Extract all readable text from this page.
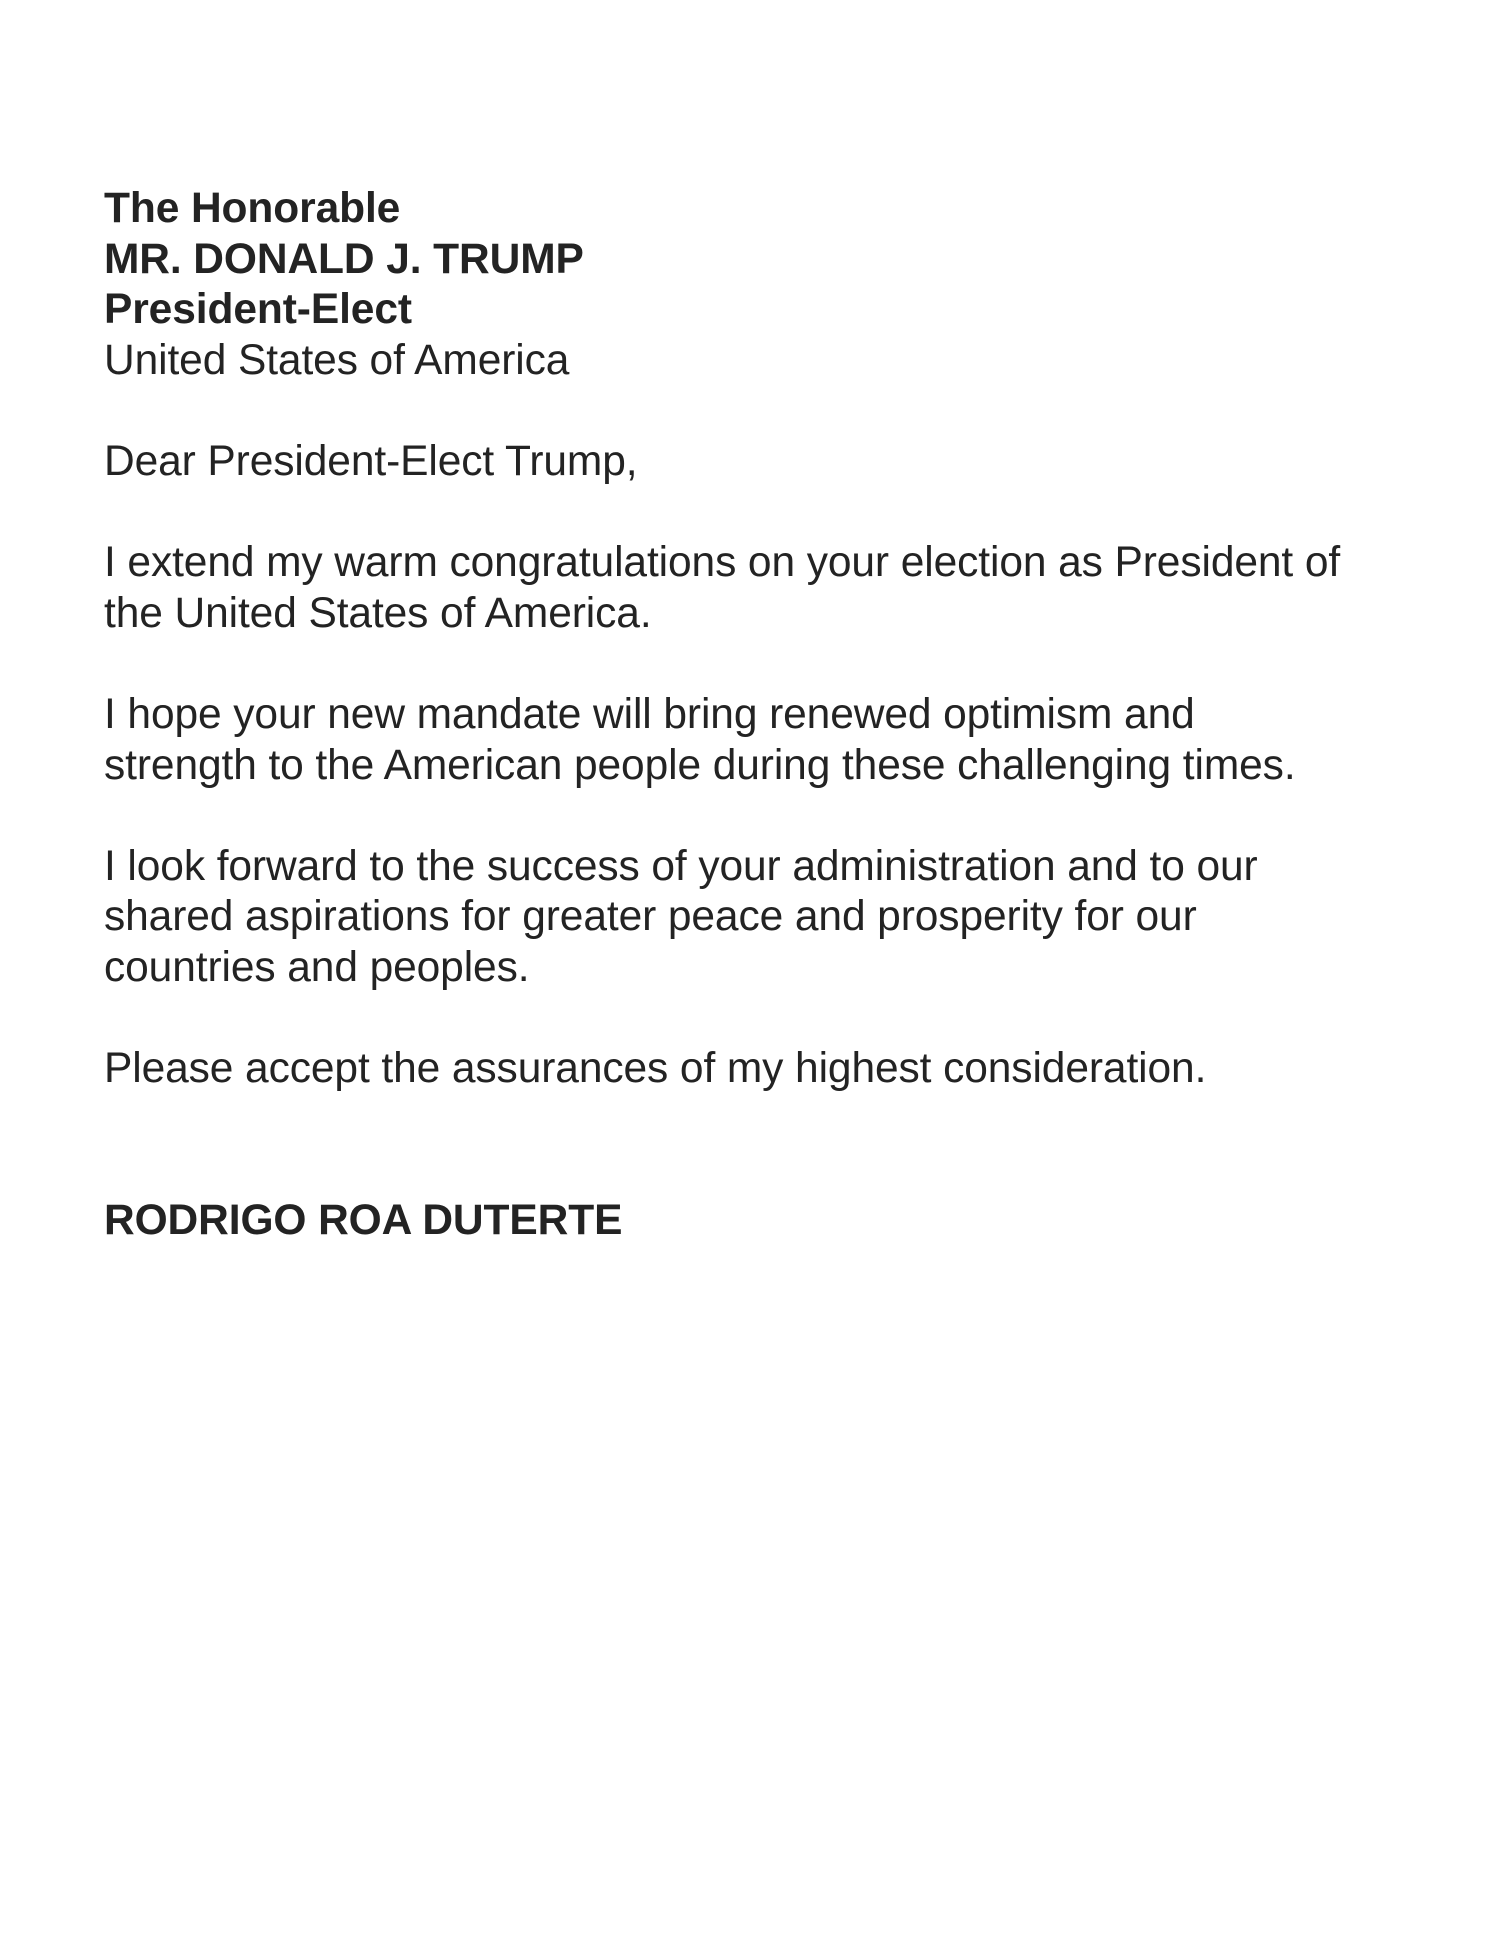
The Honorable
MR. DONALD J. TRUMP
President-Elect
United States of America
Dear President-Elect Trump,
I extend my warm congratulations on your election as President of
the United States of America.
I hope your new mandate will bring renewed optimism and
strength to the American people during these challenging times.
I look forward to the success of your administration and to our
shared aspirations for greater peace and prosperity for our
countries and peoples.
Please accept the assurances of my highest consideration.
RODRIGO ROA DUTERTE
